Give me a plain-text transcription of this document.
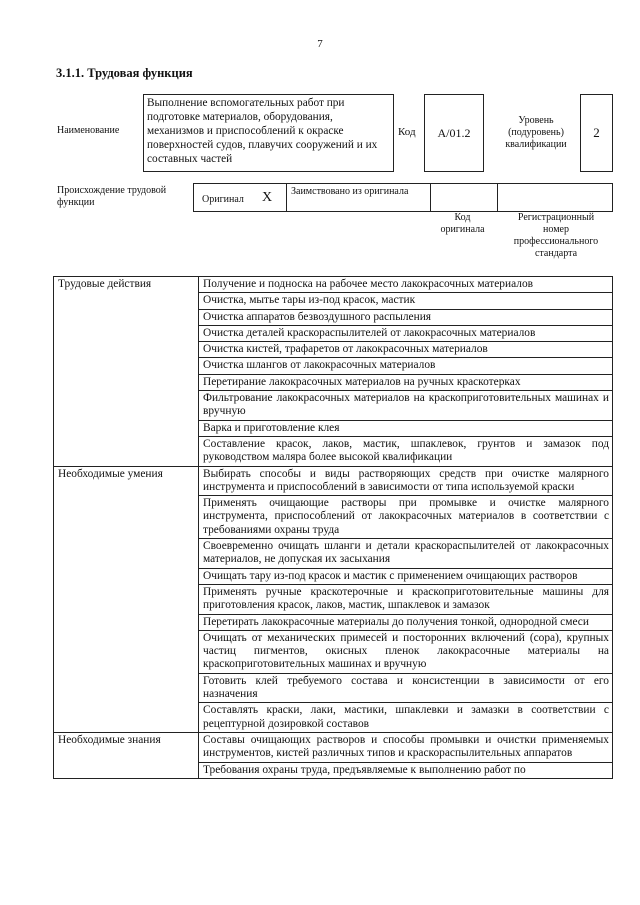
7
3.1.1. Трудовая функция
Наименование
Выполнение вспомогательных работ при подготовке материалов, оборудования, механизмов и приспособлений к окраске поверхностей судов, плавучих сооружений и их составных частей
Код	A/01.2
Уровень (подуровень) квалификации
2
Происхождение трудовой функции	Оригинал X Заимствовано из оригинала
Код оригинала
Регистрационный номер профессионального стандарта
Трудовые действия	Получение и подноска на рабочее место лакокрасочных материалов
	Очистка, мытье тары из-под красок, мастик
	Очистка аппаратов безвоздушного распыления
	Очистка деталей краскораспылителей от лакокрасочных материалов
	Очистка кистей, трафаретов от лакокрасочных материалов
	Очистка шлангов от лакокрасочных материалов
	Перетирание лакокрасочных материалов на ручных краскотерках
	Фильтрование лакокрасочных материалов на краскоприготовительных машинах и вручную
	Варка и приготовление клея
	Составление красок, лаков, мастик, шпаклевок, грунтов и замазок под руководством маляра более высокой квалификации
Необходимые умения	Выбирать способы и виды растворяющих средств при очистке малярного инструмента и приспособлений в зависимости от типа используемой краски
	Применять очищающие растворы при промывке и очистке малярного инструмента, приспособлений от лакокрасочных материалов в соответствии с требованиями охраны труда
	Своевременно очищать шланги и детали краскораспылителей от лакокрасочных материалов, не допуская их засыхания
	Очищать тару из-под красок и мастик с применением очищающих растворов
	Применять ручные краскотерочные и краскоприготовительные машины для приготовления красок, лаков, мастик, шпаклевок и замазок
	Перетирать лакокрасочные материалы до получения тонкой, однородной смеси
	Очищать от механических примесей и посторонних включений (сора), крупных частиц пигментов, окисных пленок лакокрасочные материалы на краскоприготовительных машинах и вручную
	Готовить клей требуемого состава и консистенции в зависимости от его назначения
	Составлять краски, лаки, мастики, шпаклевки и замазки в соответствии с рецептурной дозировкой составов
Необходимые знания	Составы очищающих растворов и способы промывки и очистки применяемых инструментов, кистей различных типов и краскораспылительных аппаратов
	Требования охраны труда, предъявляемые к выполнению работ по
